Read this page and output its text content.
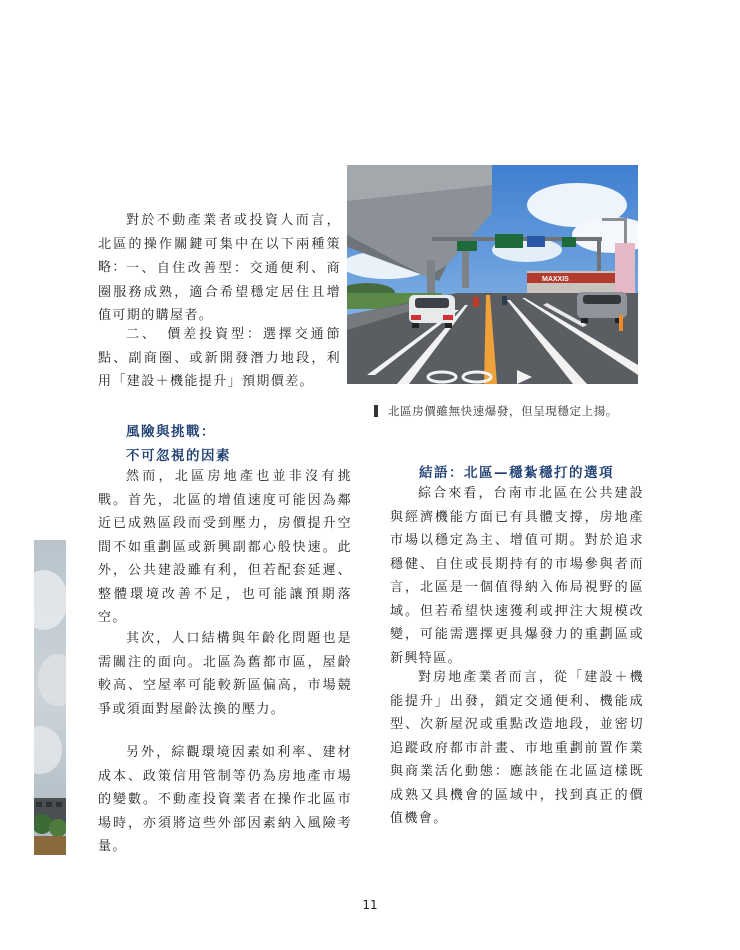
對於不動產業者或投資人而言，北區的操作關鍵可集中在以下兩種策略： 一、自住改善型：交通便利、商圈服務成熟，適合希望穩定居住且增值可期的購屋者。

二、　價差投資型：選擇交通節點、副商圈、或新開發潛力地段，利用「建設＋機能提升」預期價差。

風險與挑戰：

不可忽視的因素

然而，北區房地產也並非沒有挑戰。首先，北區的增值速度可能因為鄰近已成熟區段而受到壓力，房價提升空間不如重劃區或新興副都心般快速。此外，公共建設雖有利，但若配套延遲、整體環境改善不足，也可能讓預期落空。

其次，人口結構與年齡化問題也是需關注的面向。北區為舊都市區，屋齡較高、空屋率可能較新區偏高，市場競爭或須面對屋齡汰換的壓力。

另外，綜觀環境因素如利率、建材成本、政策信用管制等仍為房地產市場的變數。不動產投資業者在操作北區市場時，亦須將這些外部因素納入風險考量。

MAXXIS
北區房價雖無快速爆發，但呈現穩定上揚。

結語：北區—穩紮穩打的選項

綜合來看，台南市北區在公共建設與經濟機能方面已有具體支撐，房地產市場以穩定為主、增值可期。對於追求穩健、自住或長期持有的市場參與者而言，北區是一個值得納入佈局視野的區域。但若希望快速獲利或押注大規模改變，可能需選擇更具爆發力的重劃區或新興特區。

對房地產業者而言，從「建設＋機能提升」出發，鎖定交通便利、機能成型、次新屋況或重點改造地段，並密切追蹤政府都市計畫、市地重劃前置作業與商業活化動態：應該能在北區這樣既成熟又具機會的區域中，找到真正的價值機會。

11
